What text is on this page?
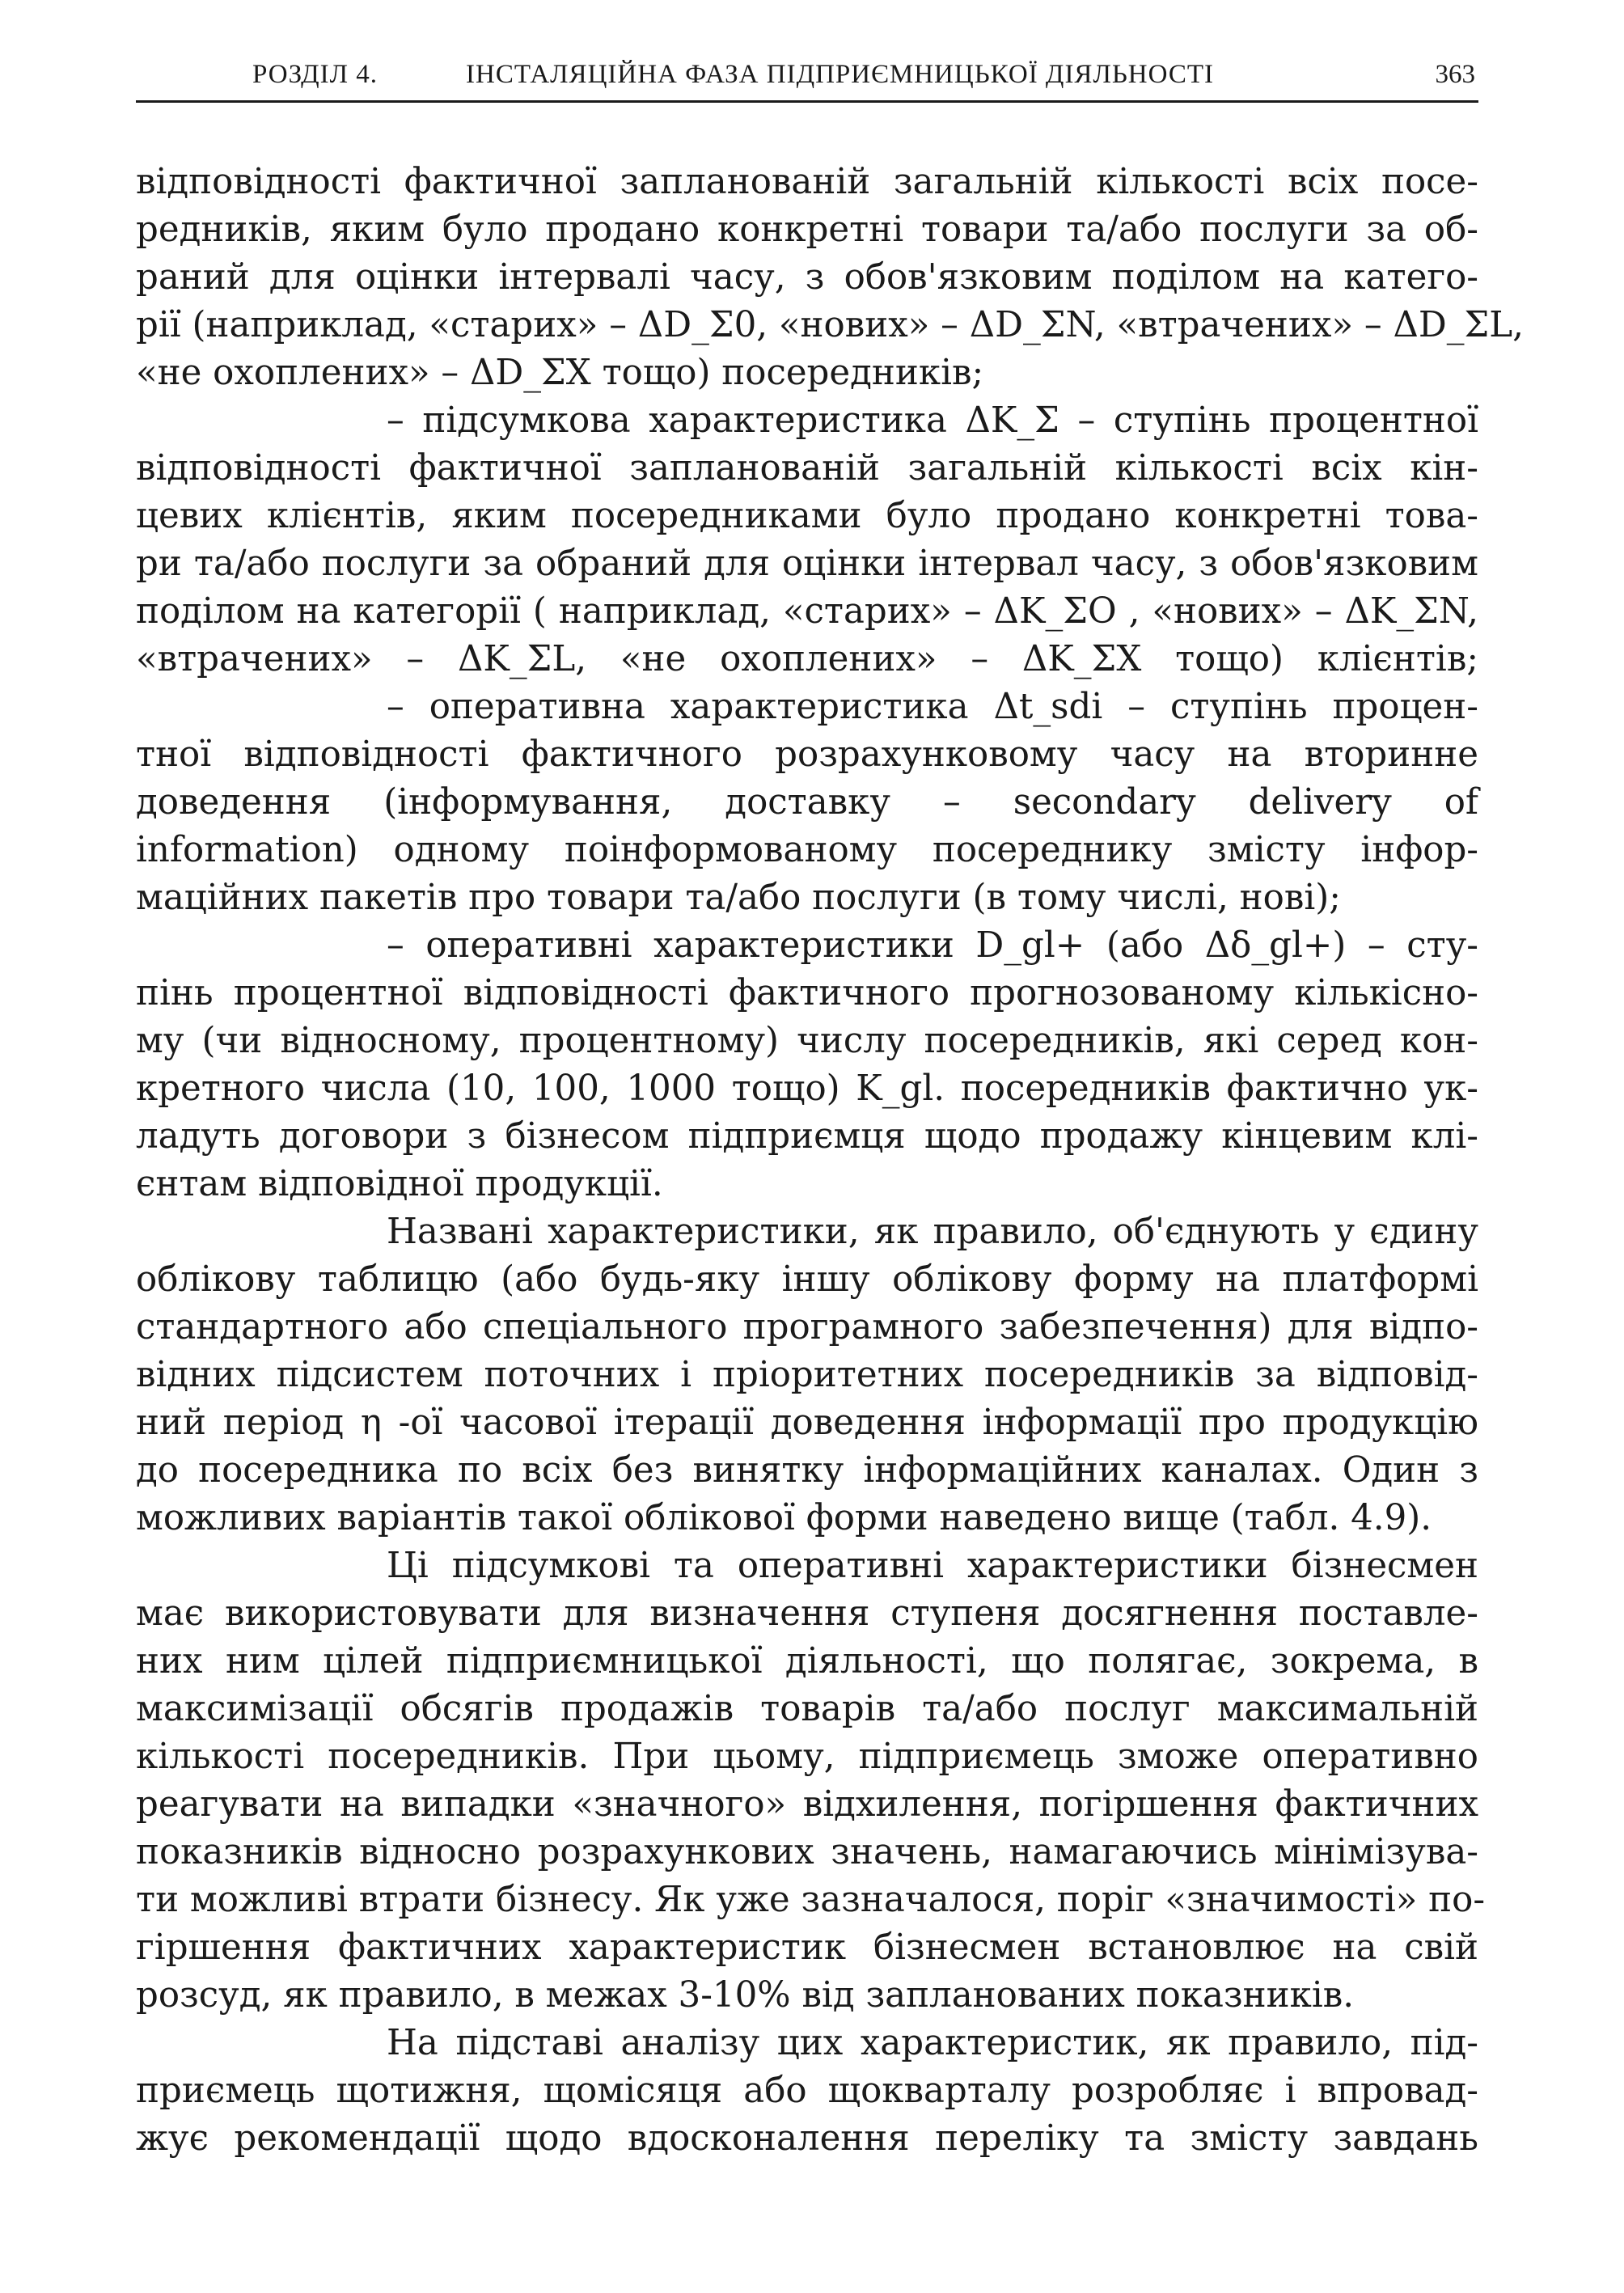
РОЗДІЛ 4.	ІНСТАЛЯЦІЙНА ФАЗА ПІДПРИЄМНИЦЬКОЇ ДІЯЛЬНОСТІ	363
відповідності фактичної запланованій загальній кількості всіх посе-
редників, яким було продано конкретні товари та/або послуги за об-
раний для оцінки інтервалі часу, з обов'язковим поділом на катего-
рії (наприклад, «старих» – ΔD_Σ0, «нових» – ΔD_ΣN, «втрачених» – ΔD_ΣL,
«не охоплених» – ΔD_ΣX тощо) посередників;
– підсумкова характеристика ΔK_Σ – ступінь процентної
відповідності фактичної запланованій загальній кількості всіх кін-
цевих клієнтів, яким посередниками було продано конкретні това-
ри та/або послуги за обраний для оцінки інтервал часу, з обов'язковим
поділом на категорії ( наприклад, «старих» – ΔK_ΣO , «нових» – ΔK_ΣN,
«втрачених» – ΔK_ΣL, «не охоплених» – ΔK_ΣX тощо) клієнтів;
– оперативна характеристика Δt_sdi – ступінь процен-
тної відповідності фактичного розрахунковому часу на вторинне
доведення (інформування, доставку – secondary delivery of
information) одному поінформованому посереднику змісту інфор-
маційних пакетів про товари та/або послуги (в тому числі, нові);
– оперативні характеристики D_gl+ (або Δδ_gl+) – сту-
пінь процентної відповідності фактичного прогнозованому кількісно-
му (чи відносному, процентному) числу посередників, які серед кон-
кретного числа (10, 100, 1000 тощо) K_gl. посередників фактично ук-
ладуть договори з бізнесом підприємця щодо продажу кінцевим клі-
єнтам відповідної продукції.
Названі характеристики, як правило, об'єднують у єдину
облікову таблицю (або будь-яку іншу облікову форму на платформі
стандартного або спеціального програмного забезпечення) для відпо-
відних підсистем поточних і пріоритетних посередників за відповід-
ний період η -ої часової ітерації доведення інформації про продукцію
до посередника по всіх без винятку інформаційних каналах. Один з
можливих варіантів такої облікової форми наведено вище (табл. 4.9).
Ці підсумкові та оперативні характеристики бізнесмен
має використовувати для визначення ступеня досягнення поставле-
них ним цілей підприємницької діяльності, що полягає, зокрема, в
максимізації обсягів продажів товарів та/або послуг максимальній
кількості посередників. При цьому, підприємець зможе оперативно
реагувати на випадки «значного» відхилення, погіршення фактичних
показників відносно розрахункових значень, намагаючись мінімізува-
ти можливі втрати бізнесу. Як уже зазначалося, поріг «значимості» по-
гіршення фактичних характеристик бізнесмен встановлює на свій
розсуд, як правило, в межах 3-10% від запланованих показників.
На підставі аналізу цих характеристик, як правило, під-
приємець щотижня, щомісяця або щокварталу розробляє і впровад-
жує рекомендації щодо вдосконалення переліку та змісту завдань
